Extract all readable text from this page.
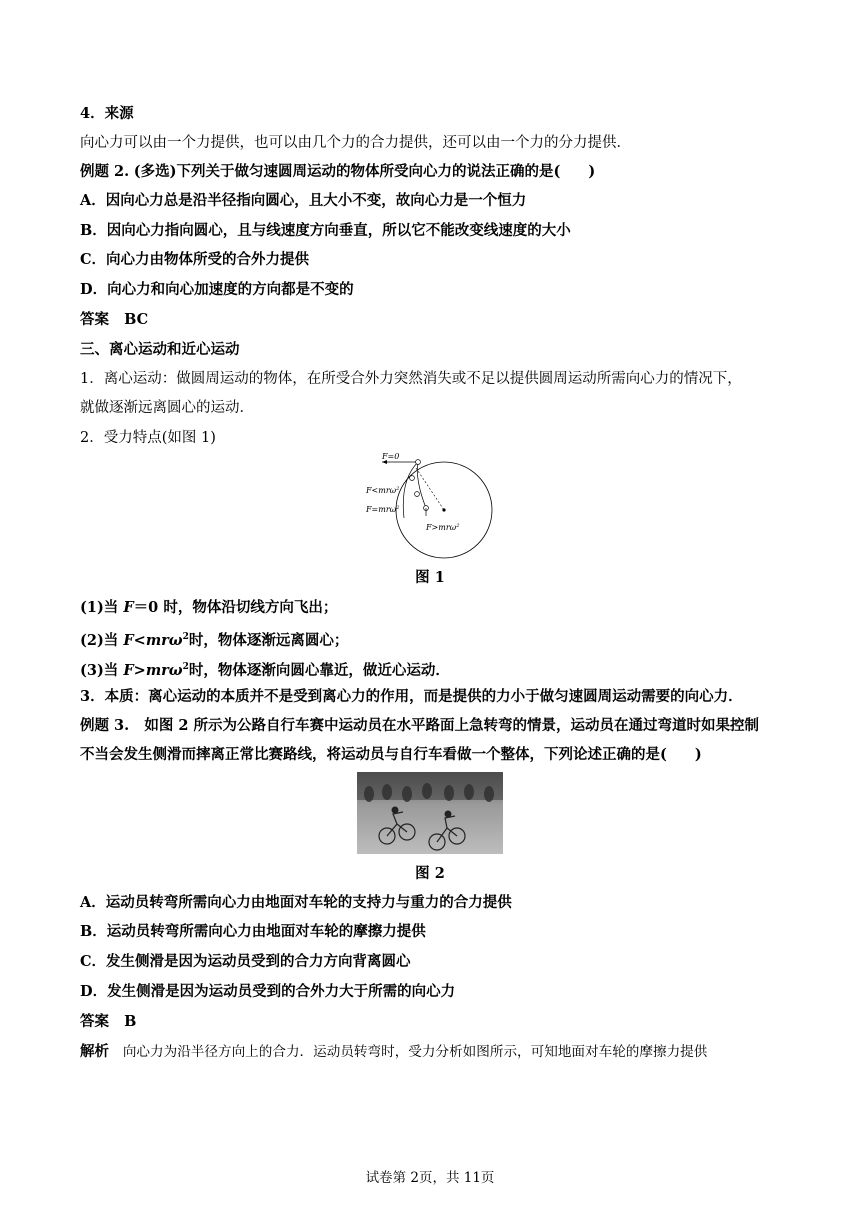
4．来源
向心力可以由一个力提供，也可以由几个力的合力提供，还可以由一个力的分力提供．
例题 2. (多选)下列关于做匀速圆周运动的物体所受向心力的说法正确的是( )
A．因向心力总是沿半径指向圆心，且大小不变，故向心力是一个恒力
B．因向心力指向圆心，且与线速度方向垂直，所以它不能改变线速度的大小
C．向心力由物体所受的合外力提供
D．向心力和向心加速度的方向都是不变的
答案 BC
三、离心运动和近心运动
1．离心运动：做圆周运动的物体，在所受合外力突然消失或不足以提供圆周运动所需向心力的情况下，
就做逐渐远离圆心的运动．
2．受力特点(如图 1)
F=0
F<mrω$^2$
F=mrω$^2$
F>mrω$^2$
图 1
(1)当 F＝0 时，物体沿切线方向飞出；
(2)当 F<mrω$^2$时，物体逐渐远离圆心；
(3)当 F>mrω$^2$时，物体逐渐向圆心靠近，做近心运动．
3．本质：离心运动的本质并不是受到离心力的作用，而是提供的力小于做匀速圆周运动需要的向心力．
例题 3. 如图 2 所示为公路自行车赛中运动员在水平路面上急转弯的情景，运动员在通过弯道时如果控制
不当会发生侧滑而摔离正常比赛路线，将运动员与自行车看做一个整体，下列论述正确的是( )
图 2
A．运动员转弯所需向心力由地面对车轮的支持力与重力的合力提供
B．运动员转弯所需向心力由地面对车轮的摩擦力提供
C．发生侧滑是因为运动员受到的合力方向背离圆心
D．发生侧滑是因为运动员受到的合外力大于所需的向心力
答案 B
解析 向心力为沿半径方向上的合力．运动员转弯时，受力分析如图所示，可知地面对车轮的摩擦力提供
试卷第 2页，共 11页
